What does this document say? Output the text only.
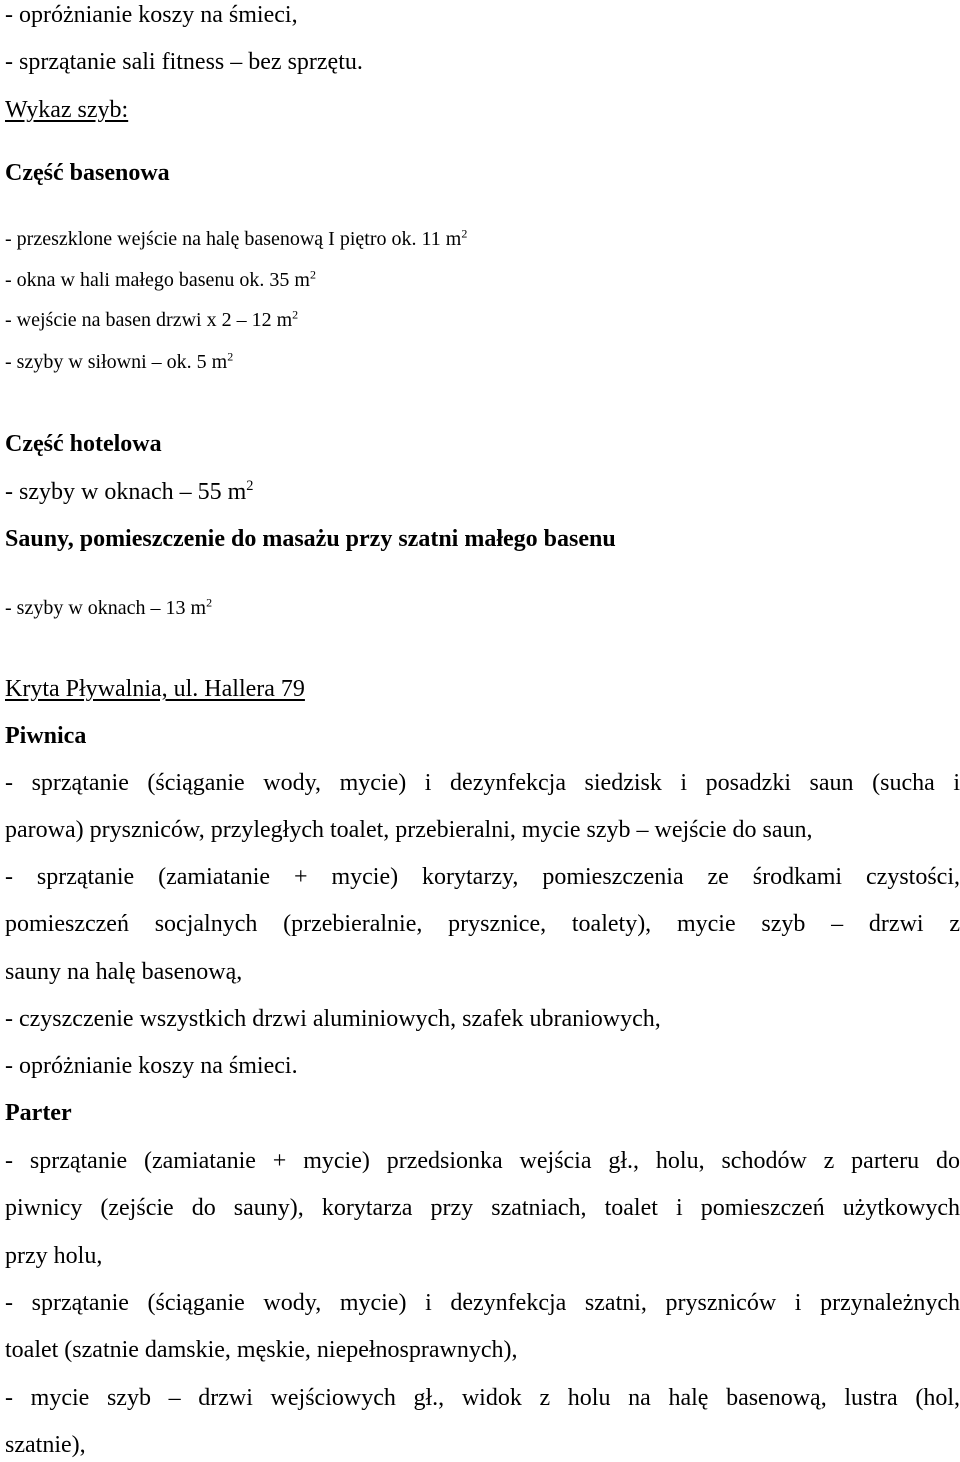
- opróżnianie koszy na śmieci,
- sprzątanie sali fitness – bez sprzętu.
Wykaz szyb:
Część basenowa
- przeszklone wejście na halę basenową I piętro ok. 11 $m^2$
- okna w hali małego basenu ok. 35 $m^2$
- wejście na basen drzwi x 2 – 12 $m^2$
- szyby w siłowni – ok. 5 $m^2$
Część hotelowa
- szyby w oknach – 55 $m^2$
Sauny, pomieszczenie do masażu przy szatni małego basenu
- szyby w oknach – 13 $m^2$
Kryta Pływalnia, ul. Hallera 79
Piwnica
- sprzątanie (ściąganie wody, mycie) i dezynfekcja siedzisk i posadzki saun (sucha i
parowa) pryszniców, przyległych toalet, przebieralni, mycie szyb – wejście do saun,
- sprzątanie (zamiatanie + mycie) korytarzy, pomieszczenia ze środkami czystości,
pomieszczeń socjalnych (przebieralnie, prysznice, toalety), mycie szyb – drzwi z
sauny na halę basenową,
- czyszczenie wszystkich drzwi aluminiowych, szafek ubraniowych,
- opróżnianie koszy na śmieci.
Parter
- sprzątanie (zamiatanie + mycie) przedsionka wejścia gł., holu, schodów z parteru do
piwnicy (zejście do sauny), korytarza przy szatniach, toalet i pomieszczeń użytkowych
przy holu,
- sprzątanie (ściąganie wody, mycie) i dezynfekcja szatni, pryszniców i przynależnych
toalet (szatnie damskie, męskie, niepełnosprawnych),
- mycie szyb – drzwi wejściowych gł., widok z holu na halę basenową, lustra (hol,
szatnie),
